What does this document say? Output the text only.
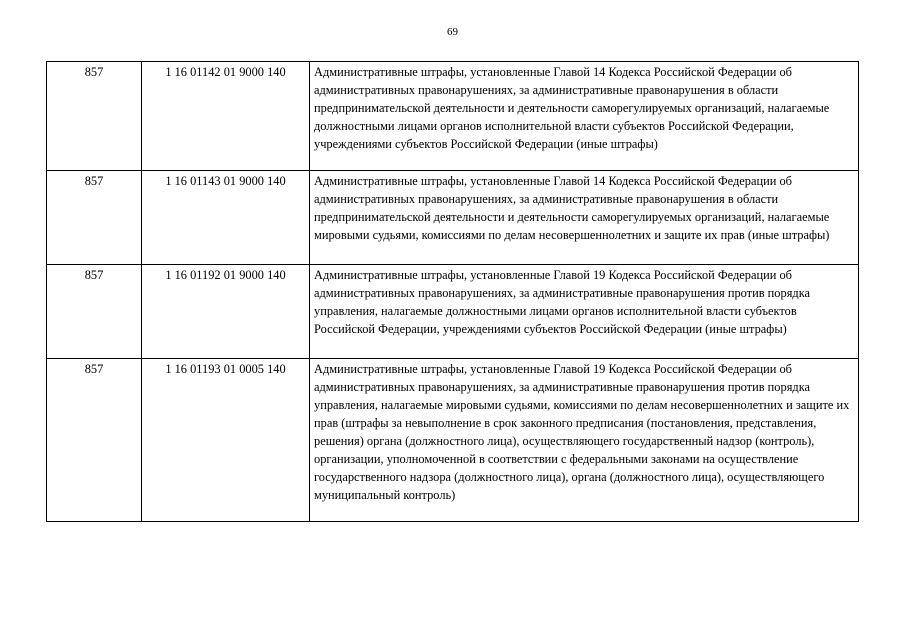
69
857	1 16 01142 01 9000 140	Административные штрафы, установленные Главой 14 Кодекса Российской Федерации об административных правонарушениях, за административные правонарушения в области предпринимательской деятельности и деятельности саморегулируемых организаций, налагаемые должностными лицами органов исполнительной власти субъектов Российской Федерации, учреждениями субъектов Российской Федерации (иные штрафы)
857	1 16 01143 01 9000 140	Административные штрафы, установленные Главой 14 Кодекса Российской Федерации об административных правонарушениях, за административные правонарушения в области предпринимательской деятельности и деятельности саморегулируемых организаций, налагаемые мировыми судьями, комиссиями по делам несовершеннолетних и защите их прав (иные штрафы)
857	1 16 01192 01 9000 140	Административные штрафы, установленные Главой 19 Кодекса Российской Федерации об административных правонарушениях, за административные правонарушения против порядка управления, налагаемые должностными лицами органов исполнительной власти субъектов Российской Федерации, учреждениями субъектов Российской Федерации (иные штрафы)
857	1 16 01193 01 0005 140	Административные штрафы, установленные Главой 19 Кодекса Российской Федерации об административных правонарушениях, за административные правонарушения против порядка управления, налагаемые мировыми судьями, комиссиями по делам несовершеннолетних и защите их прав (штрафы за невыполнение в срок законного предписания (постановления, представления, решения) органа (должностного лица), осуществляющего государственный надзор (контроль), организации, уполномоченной в соответствии с федеральными законами на осуществление государственного надзора (должностного лица), органа (должностного лица), осуществляющего муниципальный контроль)
